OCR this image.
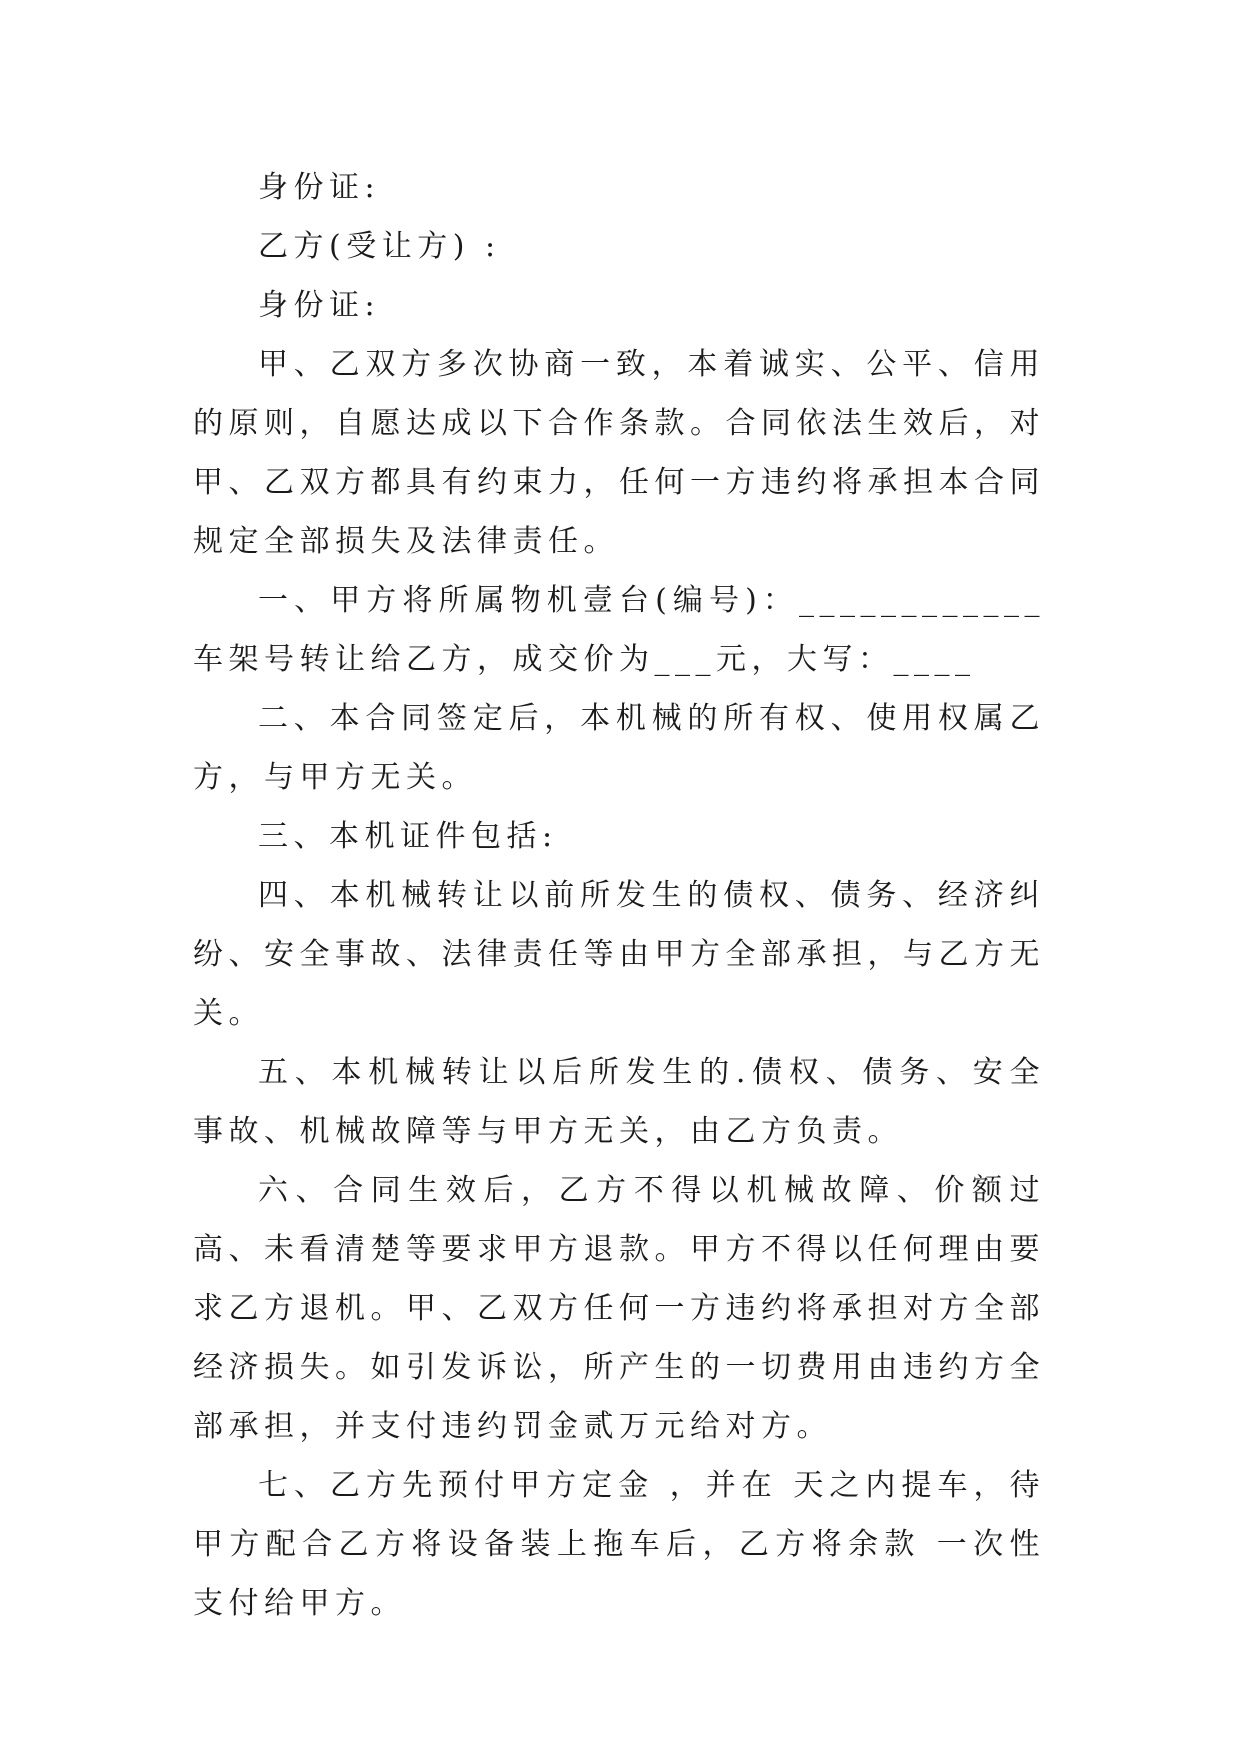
身份证:

乙方(受让方) :

身份证:

甲、乙双方多次协商一致，本着诚实、公平、信用 的原则，自愿达成以下合作条款。合同依法生效后，对甲、乙双方都具有约束力，任何一方违约将承担本合同规定全部损失及法律责任。

一、甲方将所属物机壹台(编号)：____________车架号转让给乙方，成交价为___元，大写：____

二、本合同签定后，本机械的所有权、使用权属乙方，与甲方无关。

三、本机证件包括:

四、本机械转让以前所发生的债权、债务、经济纠纷、安全事故、法律责任等由甲方全部承担，与乙方无关。

五、本机械转让以后所发生的.债权、债务、安全事故、机械故障等与甲方无关，由乙方负责。

六、合同生效后，乙方不得以机械故障、价额过高、未看清楚等要求甲方退款。甲方不得以任何理由要求乙方退机。甲、乙双方任何一方违约将承担对方全部经济损失。如引发诉讼，所产生的一切费用由违约方全部承担，并支付违约罚金贰万元给对方。

七、乙方先预付甲方定金 ，并在 天之内提车，待甲方配合乙方将设备装上拖车后，乙方将余款 一次性支付给甲方。
